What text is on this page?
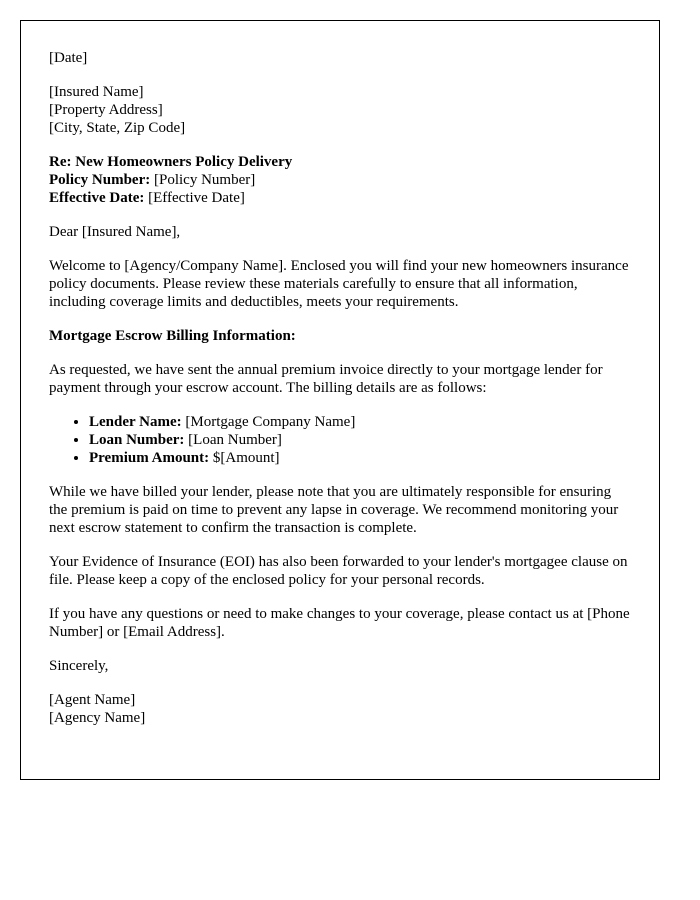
[Date]

[Insured Name]
[Property Address]
[City, State, Zip Code]
Re: New Homeowners Policy Delivery
Policy Number: [Policy Number]
Effective Date: [Effective Date]

Dear [Insured Name],

Welcome to [Agency/Company Name]. Enclosed you will find your new homeowners insurance policy documents. Please review these materials carefully to ensure that all information, including coverage limits and deductibles, meets your requirements.

Mortgage Escrow Billing Information:

As requested, we have sent the annual premium invoice directly to your mortgage lender for payment through your escrow account. The billing details are as follows:

• Lender Name: [Mortgage Company Name]
• Loan Number: [Loan Number]
• Premium Amount: $[Amount]

While we have billed your lender, please note that you are ultimately responsible for ensuring the premium is paid on time to prevent any lapse in coverage. We recommend monitoring your next escrow statement to confirm the transaction is complete.

Your Evidence of Insurance (EOI) has also been forwarded to your lender's mortgagee clause on file. Please keep a copy of the enclosed policy for your personal records.

If you have any questions or need to make changes to your coverage, please contact us at [Phone Number] or [Email Address].

Sincerely,

[Agent Name]
[Agency Name]
